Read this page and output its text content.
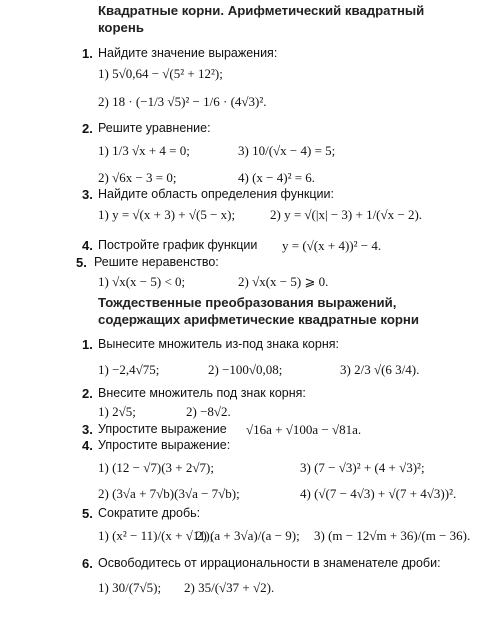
Квадратные корни. Арифметический квадратный
корень
1. Найдите значение выражения:
1) 5√0,64 − √(5² + 12²);
2) 18 · (−1/3 √5)² − 1/6 · (4√3)².
2. Решите уравнение:
1) 1/3 √x + 4 = 0;	3) 10/(√x − 4) = 5;
2) √6x − 3 = 0;	4) (x − 4)² = 6.
3. Найдите область определения функции:
1) y = √(x + 3) + √(5 − x);	2) y = √(|x| − 3) + 1/(√x − 2).
4. Постройте график функции y = (√(x + 4))² − 4.
5. Решите неравенство:
1) √x(x − 5) < 0;	2) √x(x − 5) ⩾ 0.
Тождественные преобразования выражений,
содержащих арифметические квадратные корни
1. Вынесите множитель из-под знака корня:
1) −2,4√75;	2) −100√0,08;	3) 2/3 √(6 3/4).
2. Внесите множитель под знак корня:
1) 2√5;	2) −8√2.
3. Упростите выражение √16a + √100a − √81a.
4. Упростите выражение:
1) (12 − √7)(3 + 2√7);	3) (7 − √3)² + (4 + √3)²;
2) (3√a + 7√b)(3√a − 7√b);	4) (√(7 − 4√3) + √(7 + 4√3))².
5. Сократите дробь:
1) (x² − 11)/(x + √11);
2) (a + 3√a)/(a − 9); 3) (m − 12√m + 36)/(m − 36).
6. Освободитесь от иррациональности в знаменателе дроби:
1) 30/(7√5); 2) 35/(√37 + √2).
